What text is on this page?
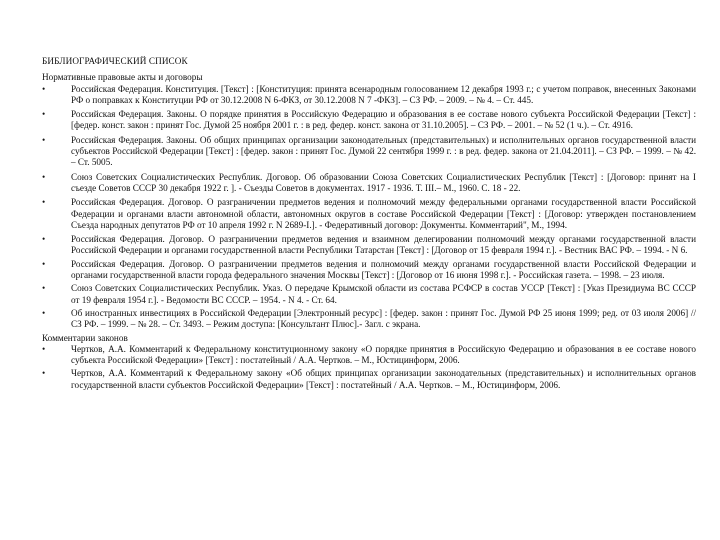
БИБЛИОГРАФИЧЕСКИЙ СПИСОК
Нормативные правовые акты и договоры
•	Российская Федерация. Конституция. [Текст] : [Конституция: принята всенародным голосованием 12 декабря 1993 г.; с учетом поправок, внесенных Законами РФ о поправках к Конституции РФ от 30.12.2008 N 6-ФКЗ, от 30.12.2008 N 7 -ФКЗ]. – СЗ РФ. – 2009. – № 4. – Ст. 445.
•	Российская Федерация. Законы. О порядке принятия в Российскую Федерацию и образования в ее составе нового субъекта Российской Федерации [Текст] : [федер. конст. закон : принят Гос. Думой 25 ноября 2001 г. : в ред. федер. конст. закона от 31.10.2005]. – СЗ РФ. – 2001. – № 52 (1 ч.). – Ст. 4916.
•	Российская Федерация. Законы. Об общих принципах организации законодательных (представительных) и исполнительных органов государственной власти субъектов Российской Федерации [Текст] : [федер. закон : принят Гос. Думой 22 сентября 1999 г. : в ред. федер. закона от 21.04.2011]. – СЗ РФ. – 1999. – № 42. – Ст. 5005.
•	Союз Советских Социалистических Республик. Договор. Об образовании Союза Советских Социалистических Республик [Текст] : [Договор: принят на I съезде Советов СССР 30 декабря 1922 г. ]. - Съезды Советов в документах. 1917 - 1936. Т. III.– М., 1960. С. 18 - 22.
•	Российская Федерация. Договор. О разграничении предметов ведения и полномочий между федеральными органами государственной власти Российской Федерации и органами власти автономной области, автономных округов в составе Российской Федерации [Текст] : [Договор: утвержден постановлением Съезда народных депутатов РФ от 10 апреля 1992 г. N 2689-I.]. - Федеративный договор: Документы. Комментарий", М., 1994.
•	Российская Федерация. Договор. О разграничении предметов ведения и взаимном делегировании полномочий между органами государственной власти Российской Федерации и органами государственной власти Республики Татарстан [Текст] : [Договор от 15 февраля 1994 г.]. - Вестник ВАС РФ. – 1994. - N 6.
•	Российская Федерация. Договор. О разграничении предметов ведения и полномочий между органами государственной власти Российской Федерации и органами государственной власти города федерального значения Москвы [Текст] : [Договор от 16 июня 1998 г.]. - Российская газета. – 1998. – 23 июля.
•	Союз Советских Социалистических Республик. Указ. О передаче Крымской области из состава РСФСР в состав УССР [Текст] : [Указ Президиума ВС СССР от 19 февраля 1954 г.]. - Ведомости ВС СССР. – 1954. - N 4. - Ст. 64.
•	Об иностранных инвестициях в Российской Федерации [Электронный ресурс] : [федер. закон : принят Гос. Думой РФ 25 июня 1999; ред. от 03 июля 2006] // СЗ РФ. – 1999. – № 28. – Ст. 3493. – Режим доступа: [Консультант Плюс].- Загл. с экрана.
Комментарии законов
•	Чертков, А.А. Комментарий к Федеральному конституционному закону «О порядке принятия в Российскую Федерацию и образования в ее составе нового субъекта Российской Федерации» [Текст] : постатейный / А.А. Чертков. – М., Юстицинформ, 2006.
•	Чертков, А.А. Комментарий к Федеральному закону «Об общих принципах организации законодательных (представительных) и исполнительных органов государственной власти субъектов Российской Федерации» [Текст] : постатейный / А.А. Чертков. – М., Юстицинформ, 2006.
